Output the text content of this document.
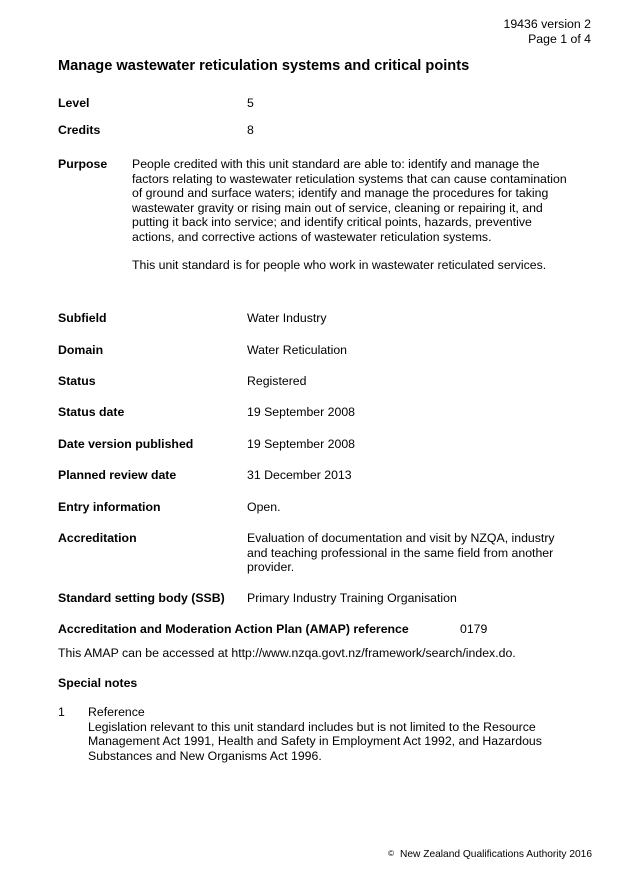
19436 version 2
Page 1 of 4
Manage wastewater reticulation systems and critical points
Level	5
Credits	8
Purpose People credited with this unit standard are able to: identify and manage the factors relating to wastewater reticulation systems that can cause contamination of ground and surface waters; identify and manage the procedures for taking wastewater gravity or rising main out of service, cleaning or repairing it, and putting it back into service; and identify critical points, hazards, preventive actions, and corrective actions of wastewater reticulation systems.

This unit standard is for people who work in wastewater reticulated services.

Subfield	Water Industry
Domain	Water Reticulation
Status	Registered
Status date	19 September 2008
Date version published	19 September 2008
Planned review date	31 December 2013
Entry information	Open.
Accreditation	Evaluation of documentation and visit by NZQA, industry and teaching professional in the same field from another provider.
Standard setting body (SSB) Primary Industry Training Organisation
Accreditation and Moderation Action Plan (AMAP) reference	0179
This AMAP can be accessed at http://www.nzqa.govt.nz/framework/search/index.do.
Special notes
1 Reference
Legislation relevant to this unit standard includes but is not limited to the Resource Management Act 1991, Health and Safety in Employment Act 1992, and Hazardous Substances and New Organisms Act 1996.
© New Zealand Qualifications Authority 2016
